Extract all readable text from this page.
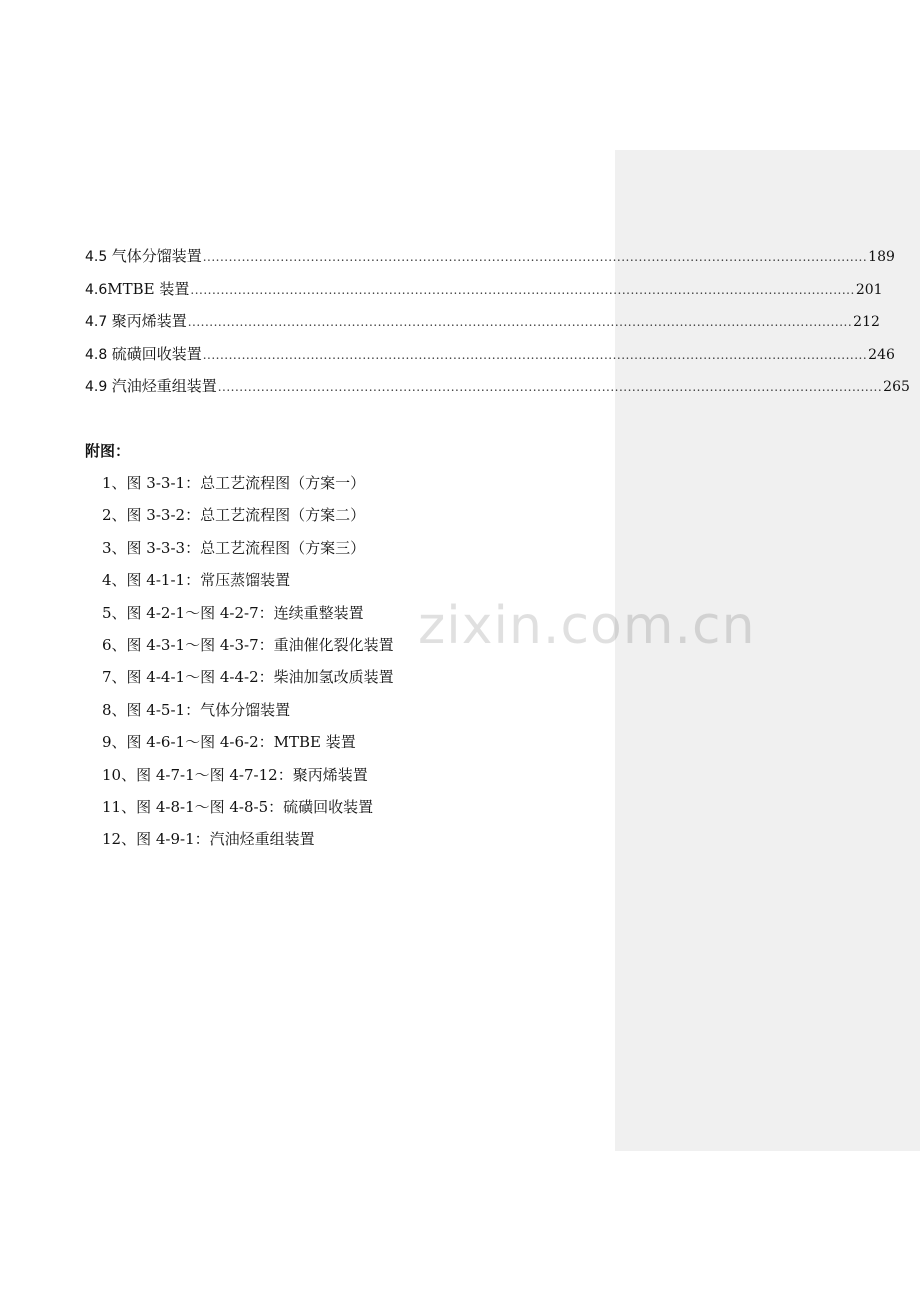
4.5 气体分馏装置 .......................................................................................................................................................... 189
4.6 MTBE 装置 .......................................................................................................................................................... 201
4.7 聚丙烯装置 .......................................................................................................................................................... 212
4.8 硫磺回收装置 .......................................................................................................................................................... 246
4.9 汽油烃重组装置 .......................................................................................................................................................... 265
附图：
1、图 3-3-1：总工艺流程图（方案一）
2、图 3-3-2：总工艺流程图（方案二）
3、图 3-3-3：总工艺流程图（方案三）
4、图 4-1-1：常压蒸馏装置
5、图 4-2-1～图 4-2-7：连续重整装置
6、图 4-3-1～图 4-3-7：重油催化裂化装置
7、图 4-4-1～图 4-4-2：柴油加氢改质装置
8、图 4-5-1：气体分馏装置
9、图 4-6-1～图 4-6-2：MTBE 装置
10、图 4-7-1～图 4-7-12：聚丙烯装置
11、图 4-8-1～图 4-8-5：硫磺回收装置
12、图 4-9-1：汽油烃重组装置
zixin.com.cn
